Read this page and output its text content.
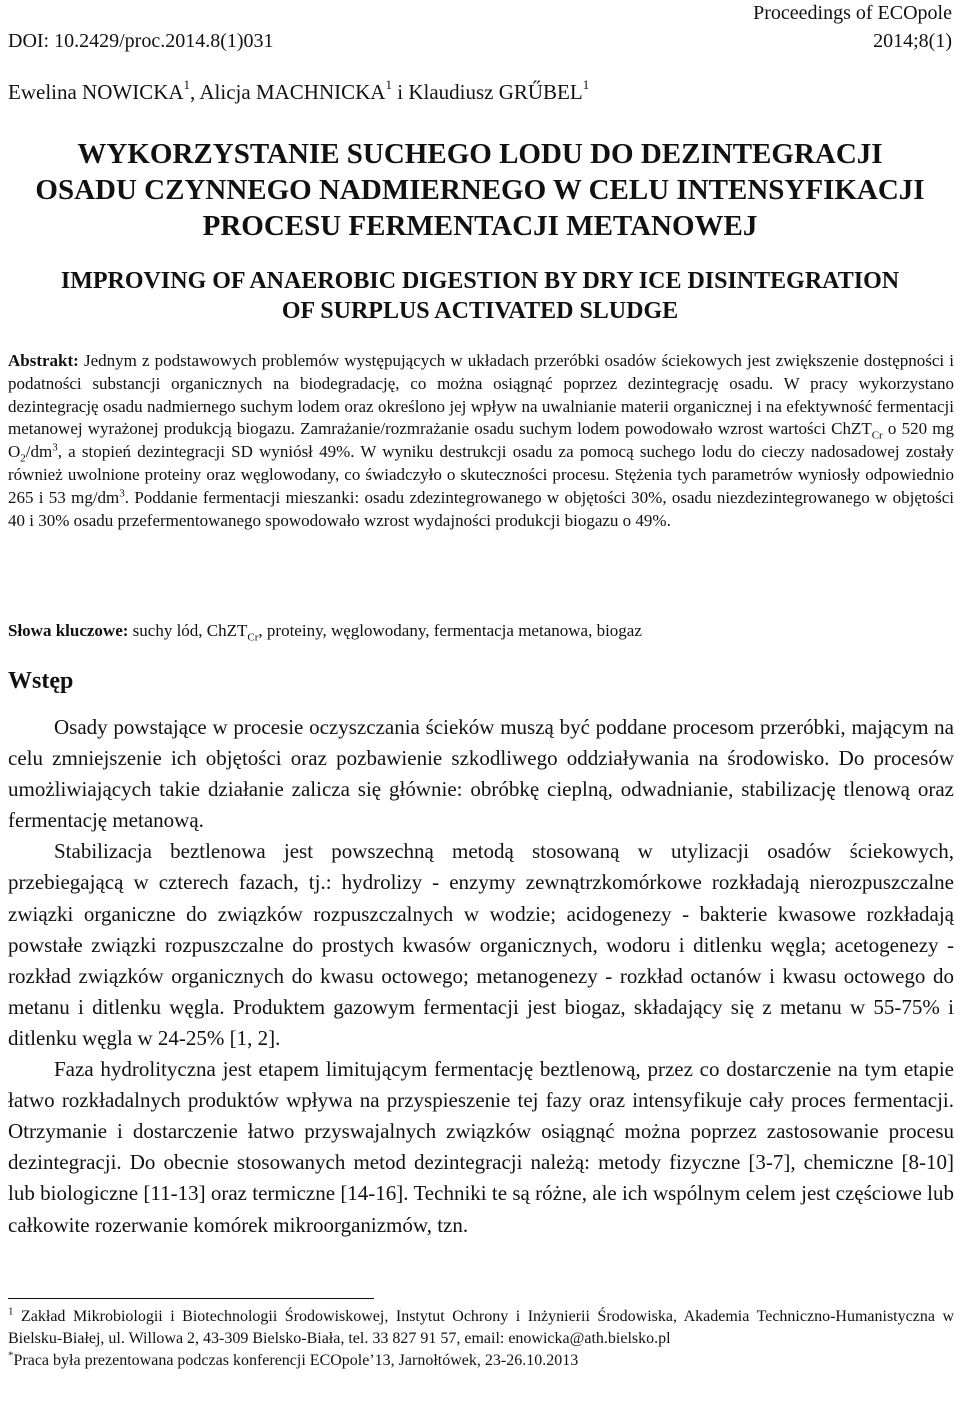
Proceedings of ECOpole
DOI: 10.2429/proc.2014.8(1)031	2014;8(1)
Ewelina NOWICKA$^1$, Alicja MACHNICKA$^1$ i Klaudiusz GRŰBEL$^1$
WYKORZYSTANIE SUCHEGO LODU DO DEZINTEGRACJI
OSADU CZYNNEGO NADMIERNEGO W CELU INTENSYFIKACJI
PROCESU FERMENTACJI METANOWEJ
IMPROVING OF ANAEROBIC DIGESTION BY DRY ICE DISINTEGRATION
OF SURPLUS ACTIVATED SLUDGE
Abstrakt: Jednym z podstawowych problemów występujących w układach przeróbki osadów ściekowych jest zwiększenie dostępności i podatności substancji organicznych na biodegradację, co można osiągnąć poprzez dezintegrację osadu. W pracy wykorzystano dezintegrację osadu nadmiernego suchym lodem oraz określono jej wpływ na uwalnianie materii organicznej i na efektywność fermentacji metanowej wyrażonej produkcją biogazu. Zamrażanie/rozmrażanie osadu suchym lodem powodowało wzrost wartości ChZT$_{Cr}$ o 520 mg $O_2/dm^3$, a stopień dezintegracji SD wyniósł 49%. W wyniku destrukcji osadu za pomocą suchego lodu do cieczy nadosadowej zostały również uwolnione proteiny oraz węglowodany, co świadczyło o skuteczności procesu. Stężenia tych parametrów wyniosły odpowiednio 265 i 53 $mg/dm^3$. Poddanie fermentacji mieszanki: osadu zdezintegrowanego w objętości 30%, osadu niezdezintegrowanego w objętości 40 i 30% osadu przefermentowanego spowodowało wzrost wydajności produkcji biogazu o 49%.
Słowa kluczowe: suchy lód, ChZT$_{Cr}$, proteiny, węglowodany, fermentacja metanowa, biogaz
Wstęp

Osady powstające w procesie oczyszczania ścieków muszą być poddane procesom przeróbki, mającym na celu zmniejszenie ich objętości oraz pozbawienie szkodliwego oddziaływania na środowisko. Do procesów umożliwiających takie działanie zalicza się głównie: obróbkę cieplną, odwadnianie, stabilizację tlenową oraz fermentację metanową.

Stabilizacja beztlenowa jest powszechną metodą stosowaną w utylizacji osadów ściekowych, przebiegającą w czterech fazach, tj.: hydrolizy - enzymy zewnątrzkomórkowe rozkładają nierozpuszczalne związki organiczne do związków rozpuszczalnych w wodzie; acidogenezy - bakterie kwasowe rozkładają powstałe związki rozpuszczalne do prostych kwasów organicznych, wodoru i ditlenku węgla; acetogenezy - rozkład związków organicznych do kwasu octowego; metanogenezy - rozkład octanów i kwasu octowego do metanu i ditlenku węgla. Produktem gazowym fermentacji jest biogaz, składający się z metanu w 55-75% i ditlenku węgla w 24-25% [1, 2].

Faza hydrolityczna jest etapem limitującym fermentację beztlenową, przez co dostarczenie na tym etapie łatwo rozkładalnych produktów wpływa na przyspieszenie tej fazy oraz intensyfikuje cały proces fermentacji. Otrzymanie i dostarczenie łatwo przyswajalnych związków osiągnąć można poprzez zastosowanie procesu dezintegracji. Do obecnie stosowanych metod dezintegracji należą: metody fizyczne [3-7], chemiczne [8-10] lub biologiczne [11-13] oraz termiczne [14-16]. Techniki te są różne, ale ich wspólnym celem jest częściowe lub całkowite rozerwanie komórek mikroorganizmów, tzn.

$^1$ Zakład Mikrobiologii i Biotechnologii Środowiskowej, Instytut Ochrony i Inżynierii Środowiska, Akademia Techniczno-Humanistyczna w Bielsku-Białej, ul. Willowa 2, 43-309 Bielsko-Biała, tel. 33 827 91 57, email: enowicka@ath.bielsko.pl

*Praca była prezentowana podczas konferencji ECOpole’13, Jarnołtówek, 23-26.10.2013
